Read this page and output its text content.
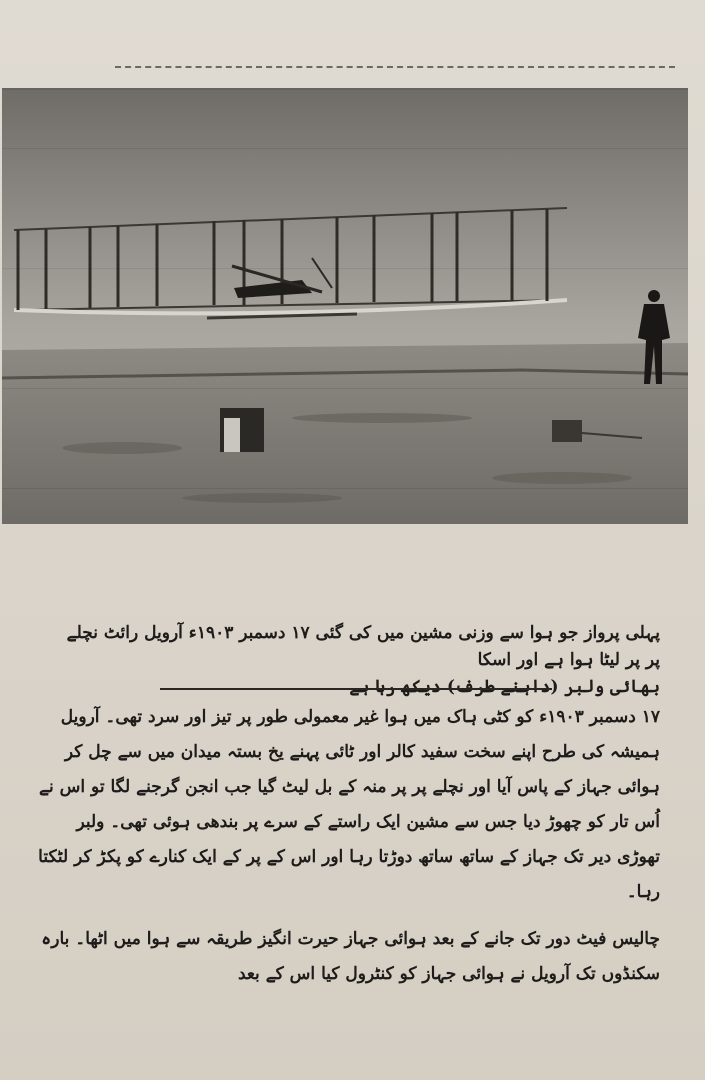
پہلی پرواز جو ہوا سے وزنی مشین میں کی گئی ۱۷ دسمبر ۱۹۰۳ء آرویل رائٹ نچلے پر پر لیٹا ہوا ہے اور اسکا
بھائی ولبر (داہنے طرف) دیکھ رہا ہے

۱۷ دسمبر ۱۹۰۳ء کو کٹی ہاک میں ہوا غیر معمولی طور پر تیز اور سرد تھی۔ آرویل ہمیشہ کی طرح اپنے سخت سفید کالر اور ٹائی پہنے یخ بستہ میدان میں سے چل کر ہوائی جہاز کے پاس آیا اور نچلے پر پر منہ کے بل لیٹ گیا جب انجن گرجنے لگا تو اس نے اُس تار کو چھوڑ دیا جس سے مشین ایک راستے کے سرے پر بندھی ہوئی تھی۔ ولبر تھوڑی دیر تک جہاز کے ساتھ ساتھ دوڑتا رہا اور اس کے پر کے ایک کنارے کو پکڑ کر لٹکتا رہا۔

چالیس فیٹ دور تک جانے کے بعد ہوائی جہاز حیرت انگیز طریقہ سے ہوا میں اٹھا۔ بارہ سکنڈوں تک آرویل نے ہوائی جہاز کو کنٹرول کیا اس کے بعد
